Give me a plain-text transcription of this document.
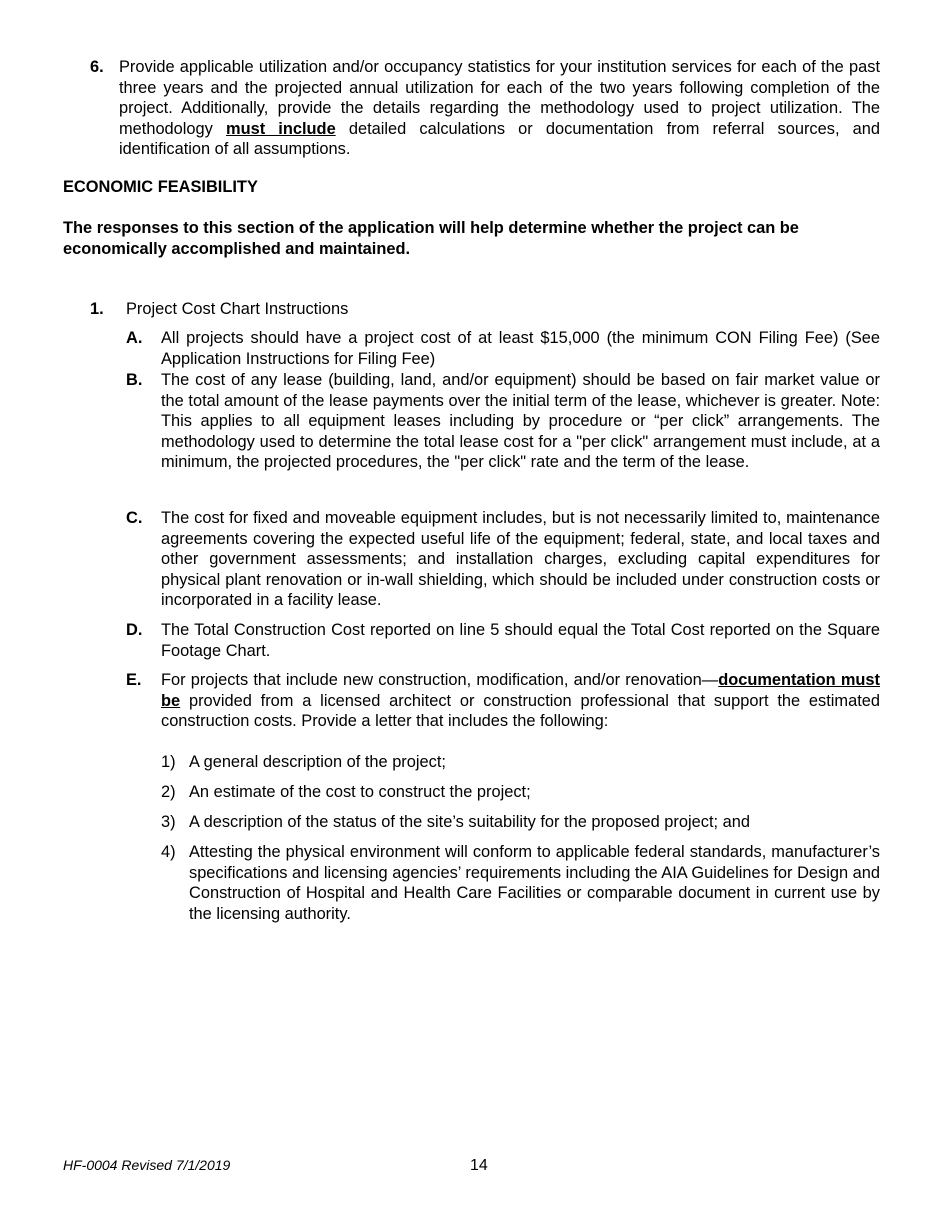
6. Provide applicable utilization and/or occupancy statistics for your institution services for each of the past three years and the projected annual utilization for each of the two years following completion of the project. Additionally, provide the details regarding the methodology used to project utilization. The methodology must include detailed calculations or documentation from referral sources, and identification of all assumptions.

ECONOMIC FEASIBILITY

The responses to this section of the application will help determine whether the project can be economically accomplished and maintained.

1. Project Cost Chart Instructions
A. All projects should have a project cost of at least $15,000 (the minimum CON Filing Fee) (See Application Instructions for Filing Fee)

B. The cost of any lease (building, land, and/or equipment) should be based on fair market value or the total amount of the lease payments over the initial term of the lease, whichever is greater. Note: This applies to all equipment leases including by procedure or “per click” arrangements. The methodology used to determine the total lease cost for a "per click" arrangement must include, at a minimum, the projected procedures, the "per click" rate and the term of the lease.

C. The cost for fixed and moveable equipment includes, but is not necessarily limited to, maintenance agreements covering the expected useful life of the equipment; federal, state, and local taxes and other government assessments; and installation charges, excluding capital expenditures for physical plant renovation or in-wall shielding, which should be included under construction costs or incorporated in a facility lease.

D. The Total Construction Cost reported on line 5 should equal the Total Cost reported on the Square Footage Chart.

E. For projects that include new construction, modification, and/or renovation—documentation must be provided from a licensed architect or construction professional that support the estimated construction costs. Provide a letter that includes the following:

1) A general description of the project;

2) An estimate of the cost to construct the project;

3) A description of the status of the site’s suitability for the proposed project; and

4) Attesting the physical environment will conform to applicable federal standards, manufacturer’s specifications and licensing agencies’ requirements including the AIA Guidelines for Design and Construction of Hospital and Health Care Facilities or comparable document in current use by the licensing authority.

HF-0004 Revised 7/1/2019	14
